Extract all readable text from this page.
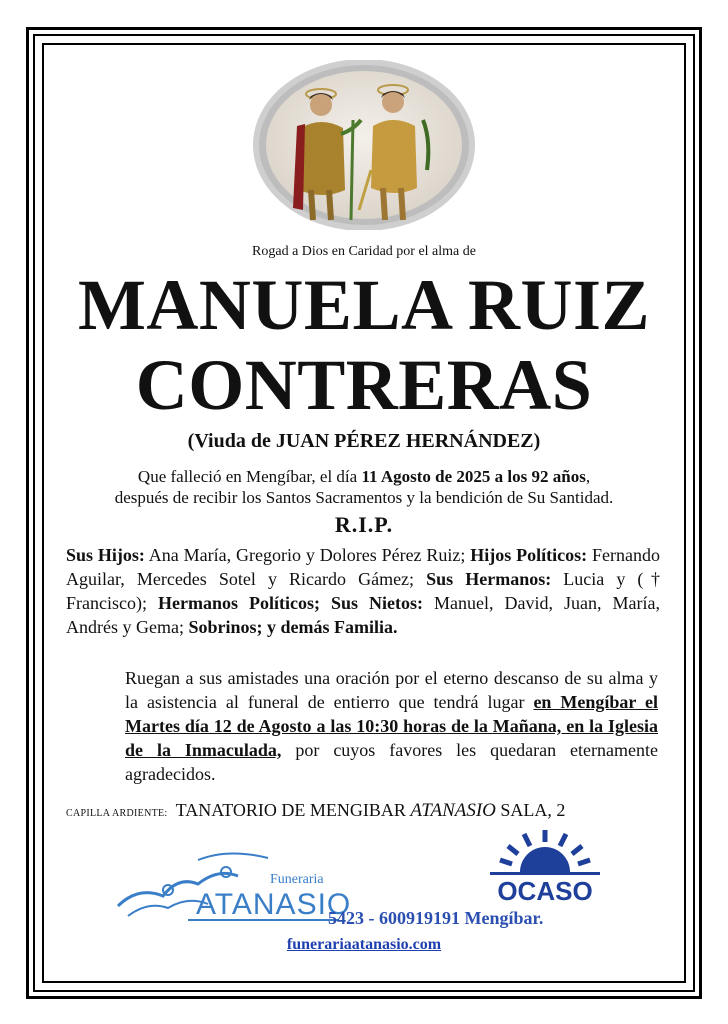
Rogad a Dios en Caridad por el alma de
MANUELA RUIZ
CONTRERAS
(Viuda de JUAN PÉREZ HERNÁNDEZ)
Que falleció en Mengíbar, el día 11 Agosto de 2025 a los 92 años,
después de recibir los Santos Sacramentos y la bendición de Su Santidad.
R.I.P.
Sus Hijos: Ana María, Gregorio y Dolores Pérez Ruiz; Hijos Políticos: Fernando Aguilar, Mercedes Sotel y Ricardo Gámez; Sus Hermanos: Lucia y († Francisco); Hermanos Políticos; Sus Nietos: Manuel, David, Juan, María, Andrés y Gema; Sobrinos; y demás Familia.
Ruegan a sus amistades una oración por el eterno descanso de su alma y la asistencia al funeral de entierro que tendrá lugar en Mengíbar el Martes día 12 de Agosto a las 10:30 horas de la Mañana, en la Iglesia de la Inmaculada, por cuyos favores les quedaran eternamente agradecidos.
CAPILLA ARDIENTE: TANATORIO DE MENGIBAR ATANASIO SALA, 2
Funeraria
ATANASIO
5423 - 600919191 Mengíbar.
OCASO
funerariaatanasio.com
